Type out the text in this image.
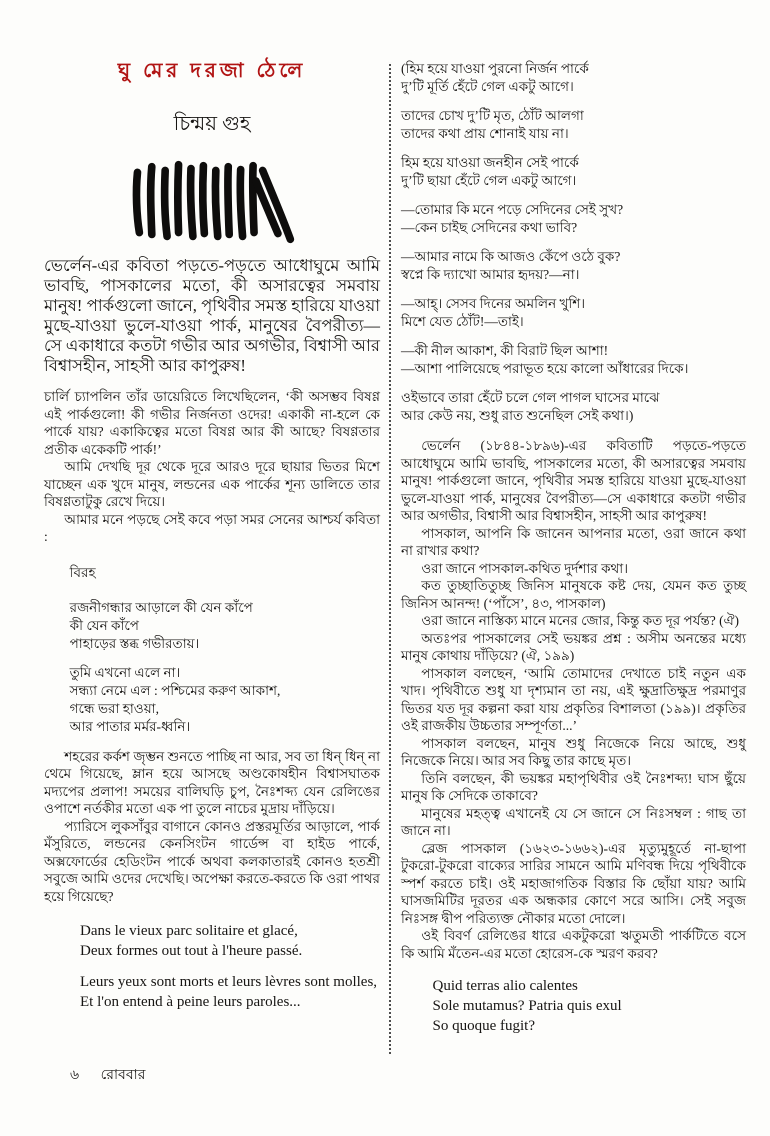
ঘু মের দরজা ঠেলে
চিন্ময় গুহ
ভের্লেন-এর কবিতা পড়তে-পড়তে আধোঘুমে আমি ভাবছি, পাসকালের মতো, কী অসারত্বের সমবায় মানুষ! পার্কগুলো জানে, পৃথিবীর সমস্ত হারিয়ে যাওয়া মুছে-যাওয়া ভুলে-যাওয়া পার্ক, মানুষের বৈপরীত্য—সে একাধারে কতটা গভীর আর অগভীর, বিশ্বাসী আর বিশ্বাসহীন, সাহসী আর কাপুরুষ!
চার্লি চ্যাপলিন তাঁর ডায়েরিতে লিখেছিলেন, ‘কী অসম্ভব বিষণ্ণ এই পার্কগুলো! কী গভীর নির্জনতা ওদের! একাকী না-হলে কে পার্কে যায়? একাকিত্বের মতো বিষণ্ণ আর কী আছে? বিষণ্ণতার প্রতীক একেকটি পার্ক!’
আমি দেখছি দূর থেকে দূরে আরও দূরে ছায়ার ভিতর মিশে যাচ্ছেন এক খুদে মানুষ, লন্ডনের এক পার্কের শূন্য ডালিতে তার বিষণ্ণতাটুকু রেখে দিয়ে।
আমার মনে পড়ছে সেই কবে পড়া সমর সেনের আশ্চর্য কবিতা :
বিরহ
রজনীগন্ধার আড়ালে কী যেন কাঁপে
কী যেন কাঁপে
পাহাড়ের স্তব্ধ গভীরতায়।
তুমি এখনো এলে না।
সন্ধ্যা নেমে এল : পশ্চিমের করুণ আকাশ,
গন্ধে ভরা হাওয়া,
আর পাতার মর্মর-ধ্বনি।
শহরের কর্কশ জৃম্ভন শুনতে পাচ্ছি না আর, সব তা ধিন্‌ ধিন্‌ না থেমে গিয়েছে, ম্লান হয়ে আসছে অণ্ডকোষহীন বিশ্বাসঘাতক মদ্যপের প্রলাপ! সময়ের বালিঘড়ি চুপ, নৈঃশব্দ্য যেন রেলিঙের ওপাশে নর্তকীর মতো এক পা তুলে নাচের মুদ্রায় দাঁড়িয়ে।
প্যারিসে লুকসাঁবুর বাগানে কোনও প্রস্তরমূর্তির আড়ালে, পার্ক মঁসুরিতে, লন্ডনের কেনসিংটন গার্ডেন্স বা হাইড পার্কে, অক্সফোর্ডের হেডিংটন পার্কে অথবা কলকাতারই কোনও হতশ্রী সবুজে আমি ওদের দেখেছি। অপেক্ষা করতে-করতে কি ওরা পাথর হয়ে গিয়েছে?
Dans le vieux parc solitaire et glacé,
Deux formes out tout à l'heure passé.
Leurs yeux sont morts et leurs lèvres sont molles,
Et l'on entend à peine leurs paroles...
(হিম হয়ে যাওয়া পুরনো নির্জন পার্কে
দু’টি মূর্তি হেঁটে গেল একটু আগে।
তাদের চোখ দু’টি মৃত, ঠোঁট আলগা
তাদের কথা প্রায় শোনাই যায় না।
হিম হয়ে যাওয়া জনহীন সেই পার্কে
দু’টি ছায়া হেঁটে গেল একটু আগে।
—তোমার কি মনে পড়ে সেদিনের সেই সুখ?
—কেন চাইছ সেদিনের কথা ভাবি?
—আমার নামে কি আজও কেঁপে ওঠে বুক?
স্বপ্নে কি দ্যাখো আমার হৃদয়?—না।
—আহ্‌। সেসব দিনের অমলিন খুশি।
মিশে যেত ঠোঁট!—তাই।
—কী নীল আকাশ, কী বিরাট ছিল আশা!
—আশা পালিয়েছে পরাভূত হয়ে কালো আঁধারের দিকে।
ওইভাবে তারা হেঁটে চলে গেল পাগল ঘাসের মাঝে
আর কেউ নয়, শুধু রাত শুনেছিল সেই কথা।)
ভের্লেন (১৮৪৪-১৮৯৬)-এর কবিতাটি পড়তে-পড়তে আধোঘুমে আমি ভাবছি, পাসকালের মতো, কী অসারত্বের সমবায় মানুষ! পার্কগুলো জানে, পৃথিবীর সমস্ত হারিয়ে যাওয়া মুছে-যাওয়া ভুলে-যাওয়া পার্ক, মানুষের বৈপরীত্য—সে একাধারে কতটা গভীর আর অগভীর, বিশ্বাসী আর বিশ্বাসহীন, সাহসী আর কাপুরুষ!
পাসকাল, আপনি কি জানেন আপনার মতো, ওরা জানে কথা না রাখার কথা?
ওরা জানে পাসকাল-কথিত দুর্দশার কথা।
কত তুচ্ছাতিতুচ্ছ জিনিস মানুষকে কষ্ট দেয়, যেমন কত তুচ্ছ জিনিস আনন্দ! (‘পাঁসে’, ৪৩, পাসকাল)
ওরা জানে নাস্তিক্য মানে মনের জোর, কিন্তু কত দূর পর্যন্ত? (ঐ)
অতঃপর পাসকালের সেই ভয়ঙ্কর প্রশ্ন : অসীম অনন্তের মধ্যে মানুষ কোথায় দাঁড়িয়ে? (ঐ, ১৯৯)
পাসকাল বলছেন, ‘আমি তোমাদের দেখাতে চাই নতুন এক খাদ। পৃথিবীতে শুধু যা দৃশ্যমান তা নয়, এই ক্ষুদ্রাতিক্ষুদ্র পরমাণুর ভিতর যত দূর কল্পনা করা যায় প্রকৃতির বিশালতা (১৯৯)। প্রকৃতির ওই রাজকীয় উচ্চতার সম্পূর্ণতা...’
পাসকাল বলছেন, মানুষ শুধু নিজেকে নিয়ে আছে, শুধু নিজেকে নিয়ে। আর সব কিছু তার কাছে মৃত।
তিনি বলছেন, কী ভয়ঙ্কর মহাপৃথিবীর ওই নৈঃশব্দ্য! ঘাস ছুঁয়ে মানুষ কি সেদিকে তাকাবে?
মানুষের মহত্ত্ব এখানেই যে সে জানে সে নিঃসম্বল : গাছ তা জানে না।
ব্লেজ পাসকাল (১৬২৩-১৬৬২)-এর মৃত্যুমুহূর্তে না-ছাপা টুকরো-টুকরো বাক্যের সারির সামনে আমি মণিবন্ধ দিয়ে পৃথিবীকে স্পর্শ করতে চাই। ওই মহাজাগতিক বিস্তার কি ছোঁয়া যায়? আমি ঘাসজমিটির দূরতর এক অন্ধকার কোণে সরে আসি। সেই সবুজ নিঃসঙ্গ দ্বীপ পরিত্যক্ত নৌকার মতো দোলে।
ওই বিবর্ণ রেলিঙের ধারে একটুকরো ঋতুমতী পার্কটিতে বসে কি আমি মঁতেন-এর মতো হোরেস-কে স্মরণ করব?
Quid terras alio calentes
Sole mutamus? Patria quis exul
So quoque fugit?
৬ রোববার
